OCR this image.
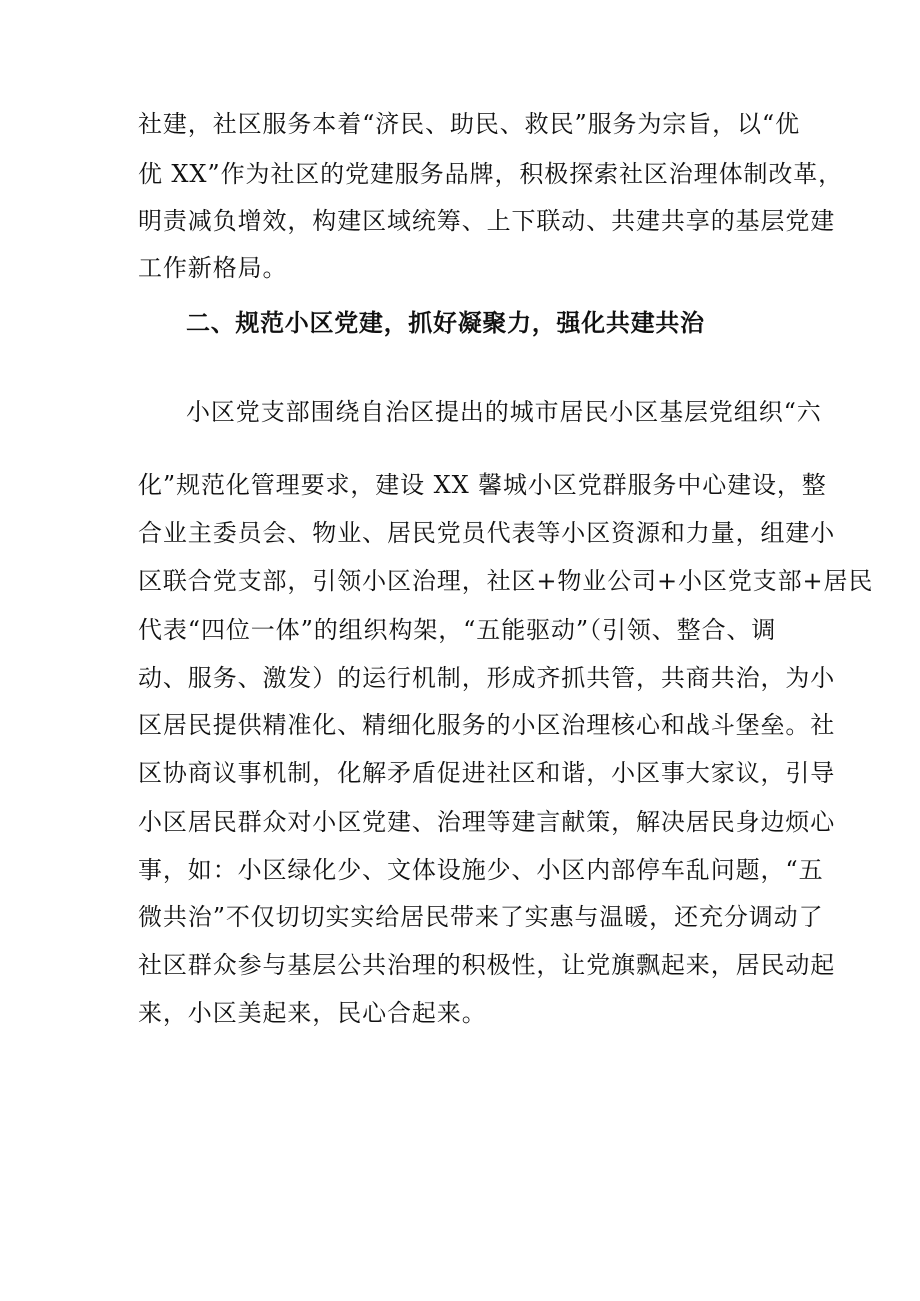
社建，社区服务本着“济民、助民、救民”服务为宗旨，以“优
优 XX”作为社区的党建服务品牌，积极探索社区治理体制改革，
明责减负增效，构建区域统筹、上下联动、共建共享的基层党建
工作新格局。
二、规范小区党建，抓好凝聚力，强化共建共治
小区党支部围绕自治区提出的城市居民小区基层党组织“六
化”规范化管理要求，建设 XX 馨城小区党群服务中心建设，整
合业主委员会、物业、居民党员代表等小区资源和力量，组建小
区联合党支部，引领小区治理，社区+物业公司+小区党支部+居民
代表“四位一体”的组织构架，“五能驱动”（引领、整合、调
动、服务、激发）的运行机制，形成齐抓共管，共商共治，为小
区居民提供精准化、精细化服务的小区治理核心和战斗堡垒。社
区协商议事机制，化解矛盾促进社区和谐，小区事大家议，引导
小区居民群众对小区党建、治理等建言献策，解决居民身边烦心
事，如：小区绿化少、文体设施少、小区内部停车乱问题，“五
微共治”不仅切切实实给居民带来了实惠与温暖，还充分调动了
社区群众参与基层公共治理的积极性，让党旗飘起来，居民动起
来，小区美起来，民心合起来。
